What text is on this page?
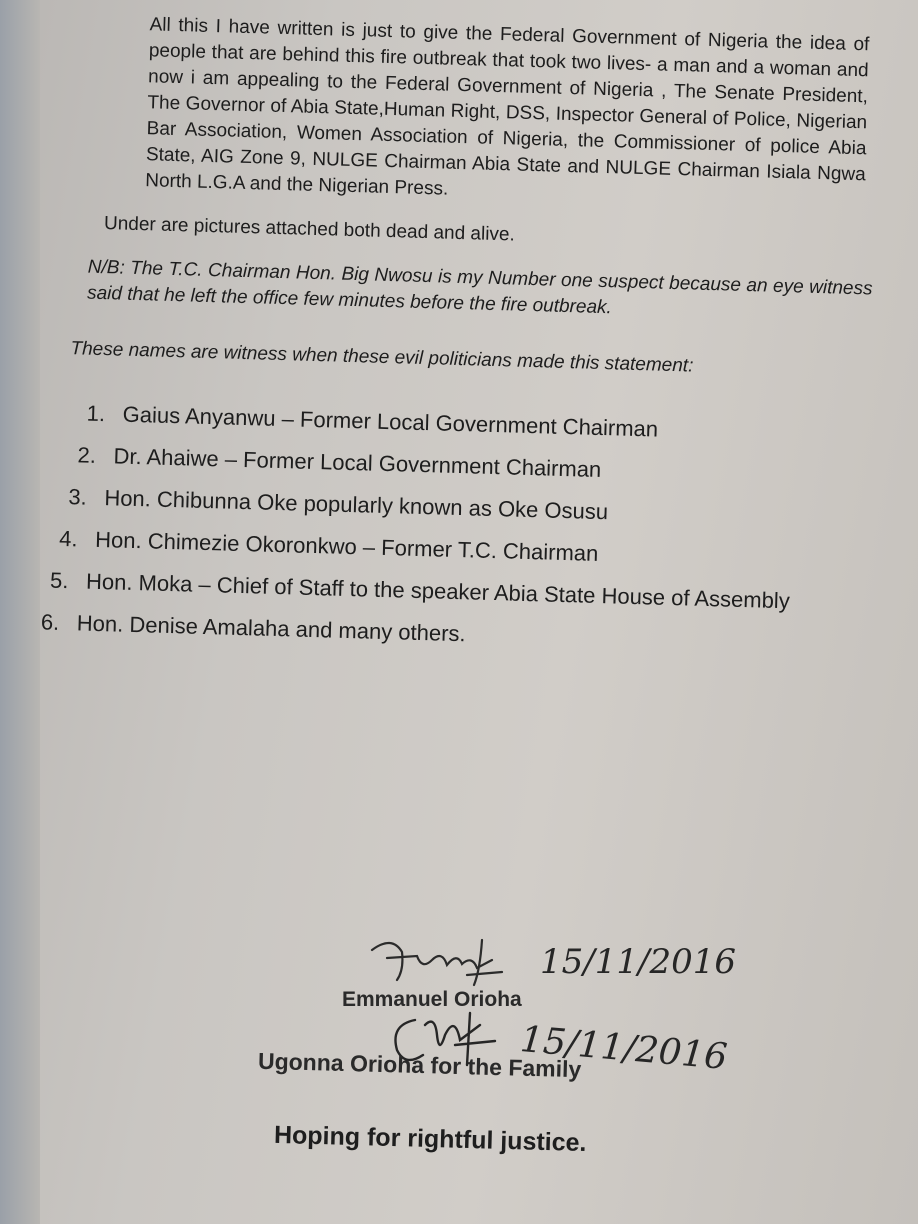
All this I have written is just to give the Federal Government of Nigeria the idea of people that are behind this fire outbreak that took two lives- a man and a woman and now i am appealing to the Federal Government of Nigeria , The Senate President, The Governor of Abia State,Human Right, DSS, Inspector General of Police, Nigerian Bar Association, Women Association of Nigeria, the Commissioner of police Abia State, AIG Zone 9, NULGE Chairman Abia State and NULGE Chairman Isiala Ngwa North L.G.A and the Nigerian Press.

Under are pictures attached both dead and alive.

N/B: The T.C. Chairman Hon. Big Nwosu is my Number one suspect because an eye witness said that he left the office few minutes before the fire outbreak.

These names are witness when these evil politicians made this statement:

1. Gaius Anyanwu – Former Local Government Chairman
2. Dr. Ahaiwe – Former Local Government Chairman
3. Hon. Chibunna Oke popularly known as Oke Osusu
4. Hon. Chimezie Okoronkwo – Former T.C. Chairman
5. Hon. Moka – Chief of Staff to the speaker Abia State House of Assembly
6. Hon. Denise Amalaha and many others.
15/11/2016
Emmanuel Orioha
15/11/2016
Ugonna Orioha for the Family
Hoping for rightful justice.
